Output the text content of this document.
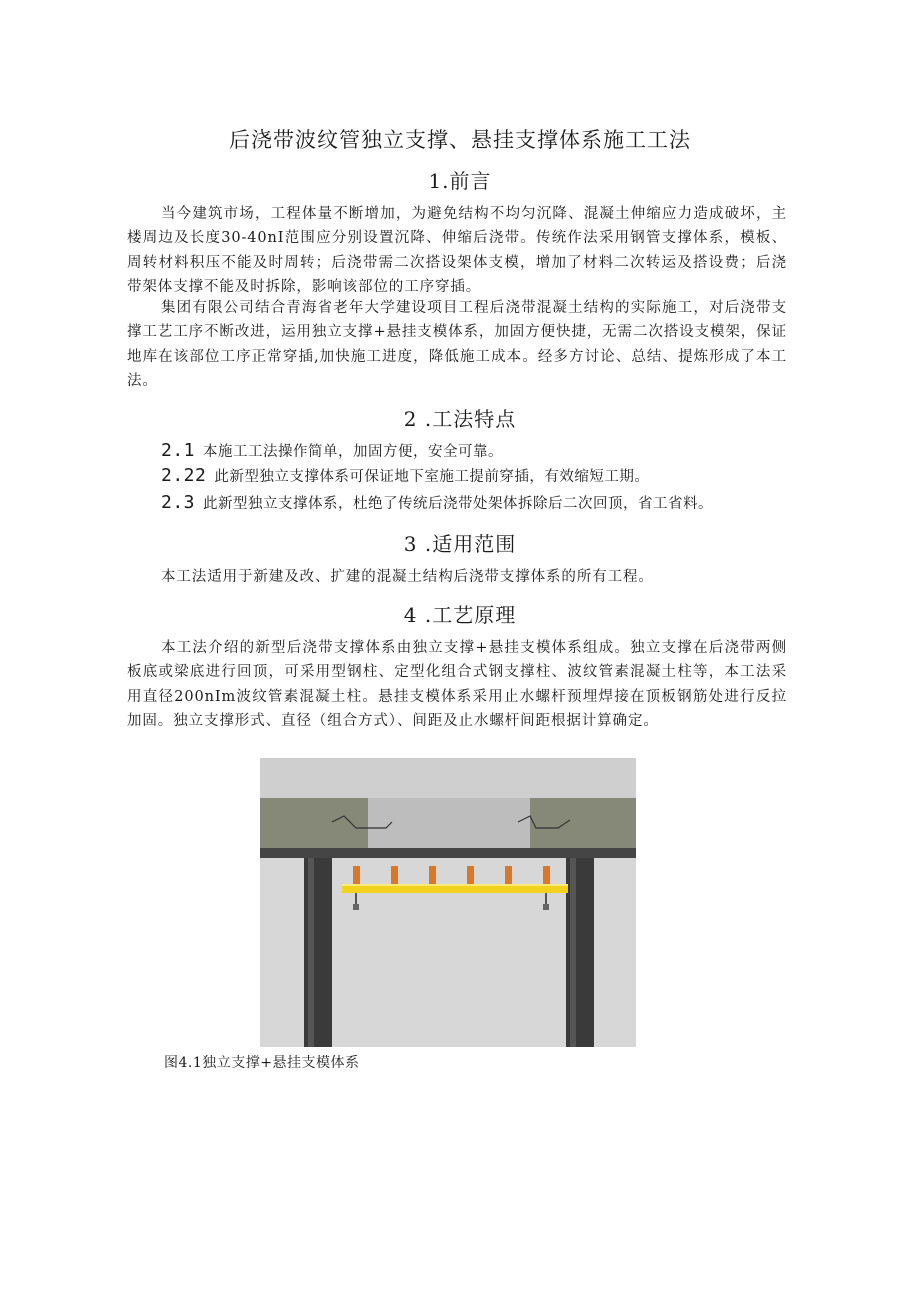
后浇带波纹管独立支撑、悬挂支撑体系施工工法
1.前言

当今建筑市场，工程体量不断增加，为避免结构不均匀沉降、混凝土伸缩应力造成破坏，主楼周边及长度30-40nI范围应分别设置沉降、伸缩后浇带。传统作法采用钢管支撑体系，模板、周转材料积压不能及时周转；后浇带需二次搭设架体支模，增加了材料二次转运及搭设费；后浇带架体支撑不能及时拆除，影响该部位的工序穿插。

集团有限公司结合青海省老年大学建设项目工程后浇带混凝土结构的实际施工，对后浇带支撑工艺工序不断改进，运用独立支撑+悬挂支模体系，加固方便快捷，无需二次搭设支模架，保证地库在该部位工序正常穿插,加快施工进度，降低施工成本。经多方讨论、总结、提炼形成了本工法。

2 .工法特点
2.1 本施工工法操作简单，加固方便，安全可靠。
2.22 此新型独立支撑体系可保证地下室施工提前穿插，有效缩短工期。
2.3 此新型独立支撑体系，杜绝了传统后浇带处架体拆除后二次回顶，省工省料。
3 .适用范围

本工法适用于新建及改、扩建的混凝土结构后浇带支撑体系的所有工程。

4 .工艺原理

本工法介绍的新型后浇带支撑体系由独立支撑+悬挂支模体系组成。独立支撑在后浇带两侧板底或梁底进行回顶，可采用型钢柱、定型化组合式钢支撑柱、波纹管素混凝土柱等，本工法采用直径200nIm波纹管素混凝土柱。悬挂支模体系采用止水螺杆预埋焊接在顶板钢筋处进行反拉加固。独立支撑形式、直径（组合方式）、间距及止水螺杆间距根据计算确定。

图4.1独立支撑+悬挂支模体系
